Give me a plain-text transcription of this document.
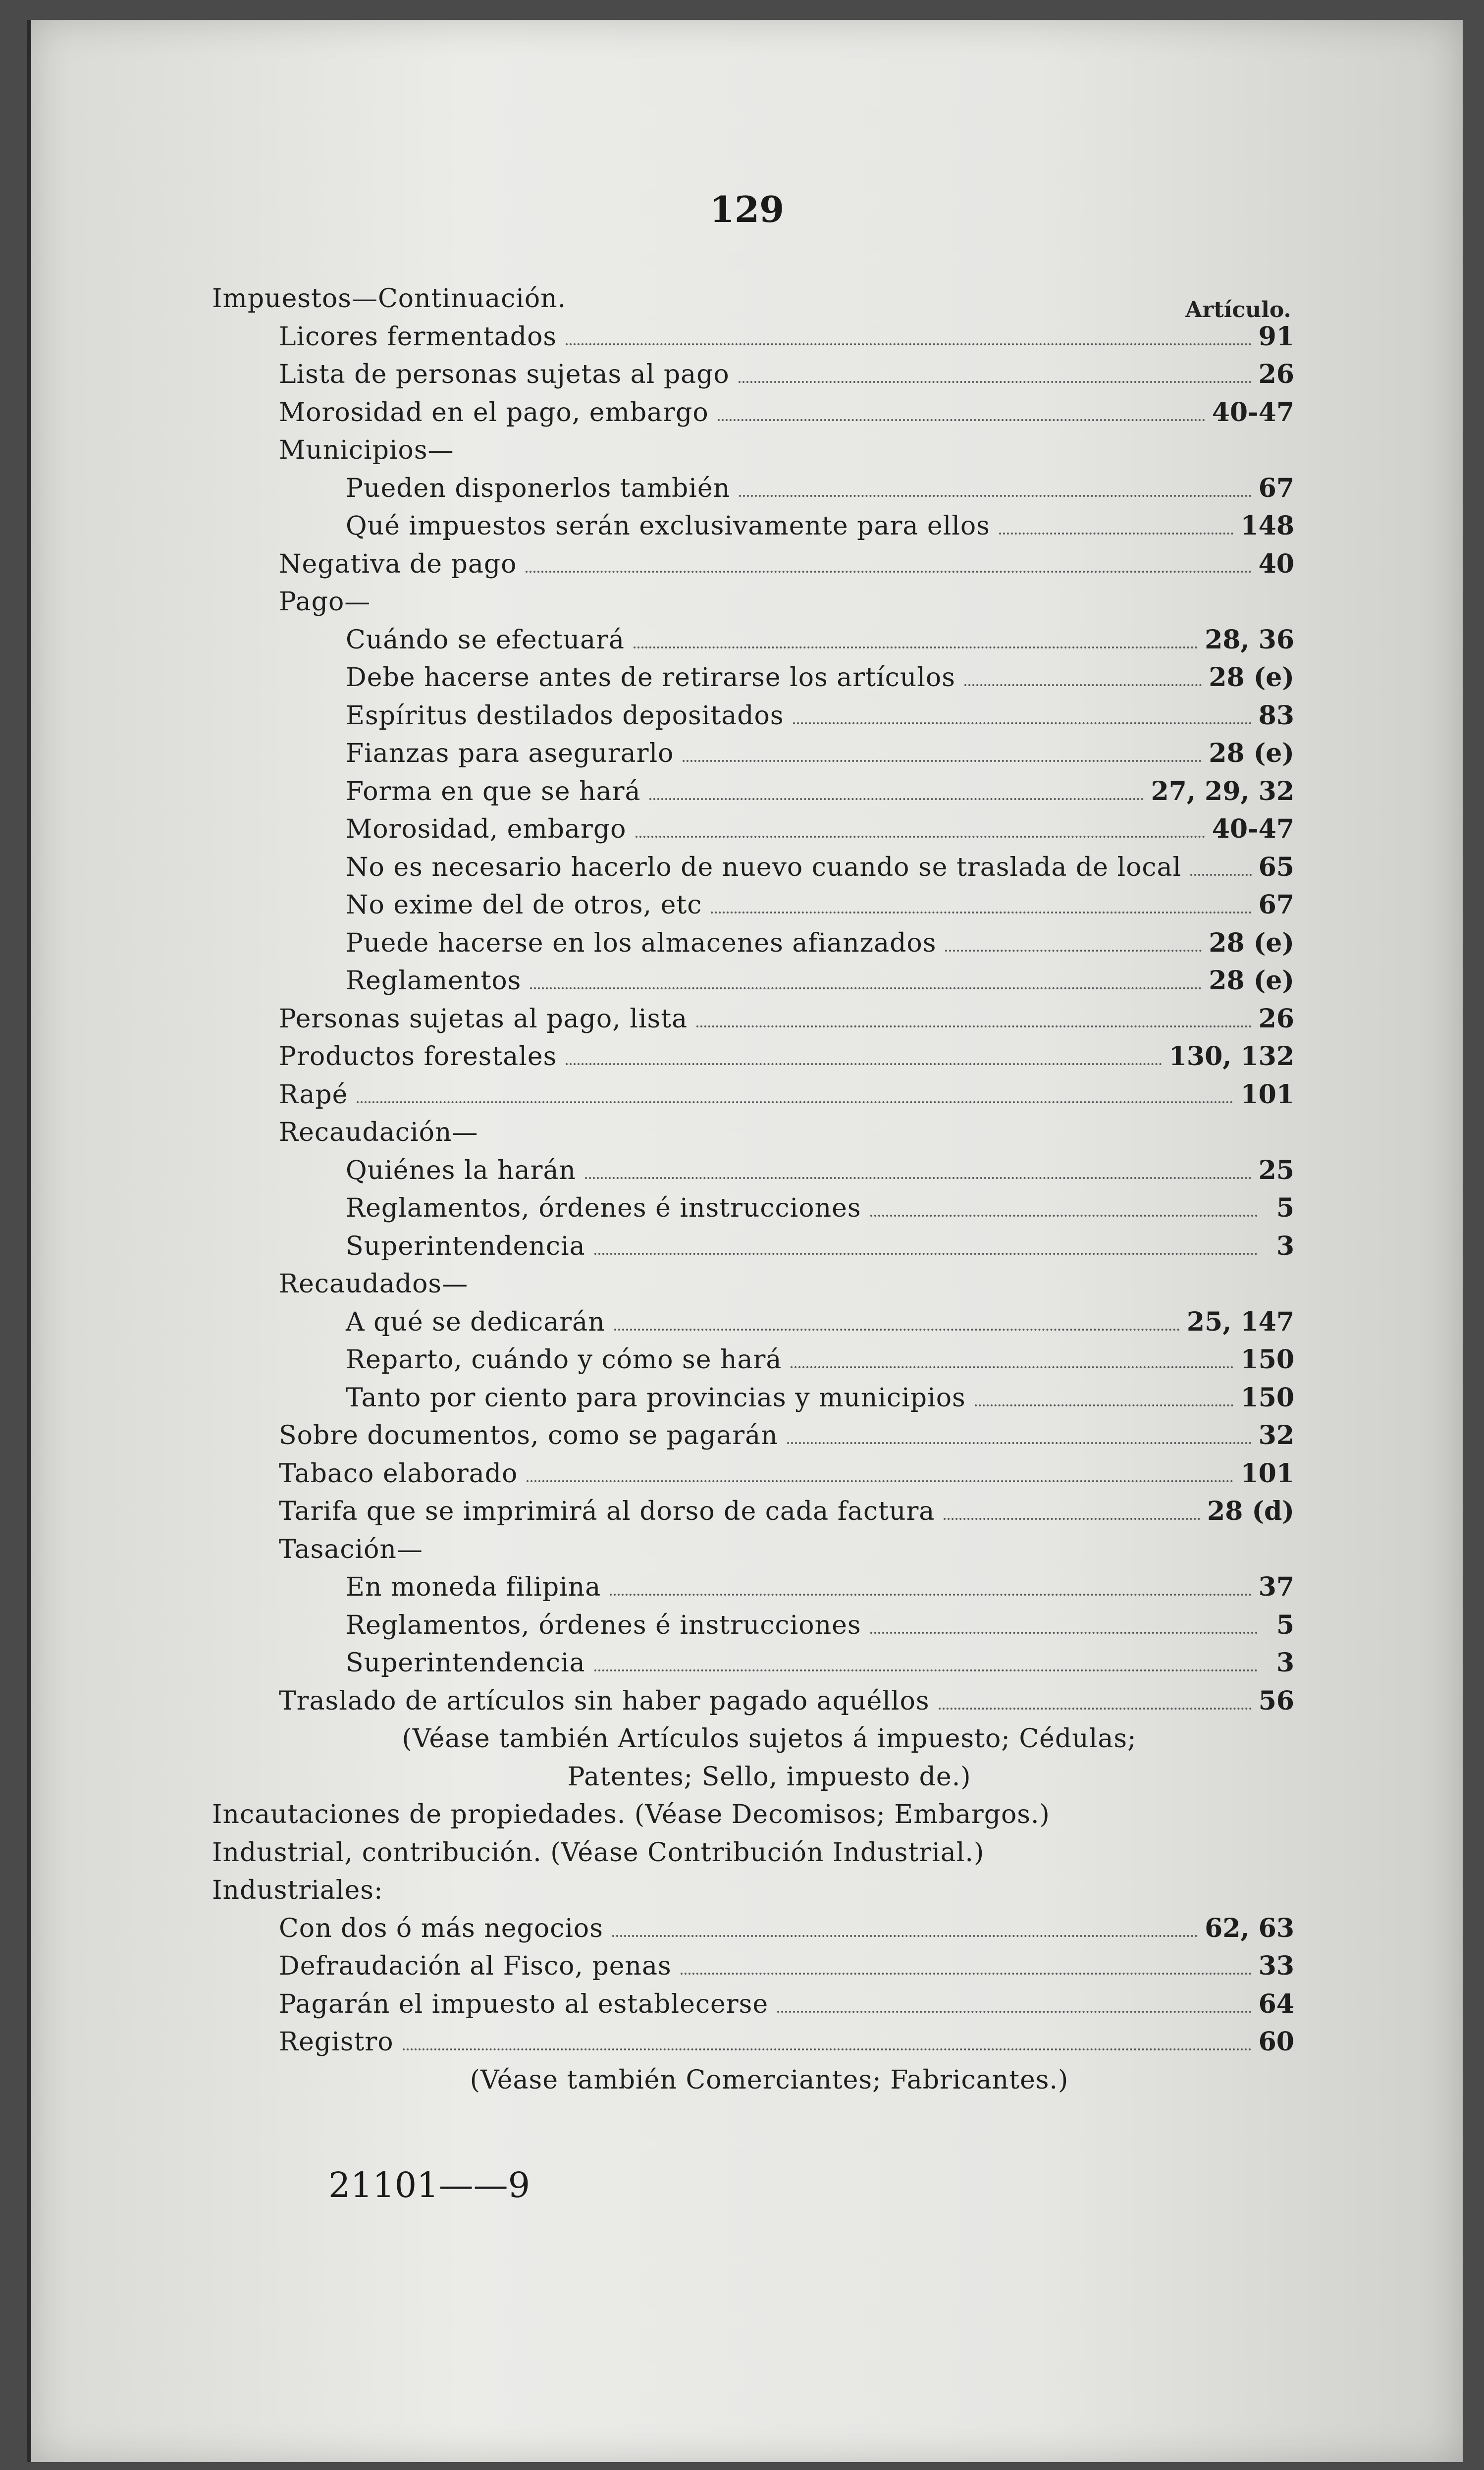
129
Artículo.
Impuestos—Continuación.
Licores fermentados	91
Lista de personas sujetas al pago	26
Morosidad en el pago, embargo	40-47
Municipios—
Pueden disponerlos también	67
Qué impuestos serán exclusivamente para ellos	148
Negativa de pago	40
Pago—
Cuándo se efectuará	28, 36
Debe hacerse antes de retirarse los artículos	28 (e)
Espíritus destilados depositados	83
Fianzas para asegurarlo	28 (e)
Forma en que se hará	27, 29, 32
Morosidad, embargo	40-47
No es necesario hacerlo de nuevo cuando se traslada de local	65
No exime del de otros, etc	67
Puede hacerse en los almacenes afianzados	28 (e)
Reglamentos	28 (e)
Personas sujetas al pago, lista	26
Productos forestales	130, 132
Rapé	101
Recaudación—
Quiénes la harán	25
Reglamentos, órdenes é instrucciones	5
Superintendencia	3
Recaudados—
A qué se dedicarán	25, 147
Reparto, cuándo y cómo se hará	150
Tanto por ciento para provincias y municipios	150
Sobre documentos, como se pagarán	32
Tabaco elaborado	101
Tarifa que se imprimirá al dorso de cada factura	28 (d)
Tasación—
En moneda filipina	37
Reglamentos, órdenes é instrucciones	5
Superintendencia	3
Traslado de artículos sin haber pagado aquéllos	56
(Véase también Artículos sujetos á impuesto; Cédulas;
Patentes; Sello, impuesto de.)
Incautaciones de propiedades. (Véase Decomisos; Embargos.)
Industrial, contribución. (Véase Contribución Industrial.)
Industriales:
Con dos ó más negocios	62, 63
Defraudación al Fisco, penas	33
Pagarán el impuesto al establecerse	64
Registro	60
(Véase también Comerciantes; Fabricantes.)
21101——9
